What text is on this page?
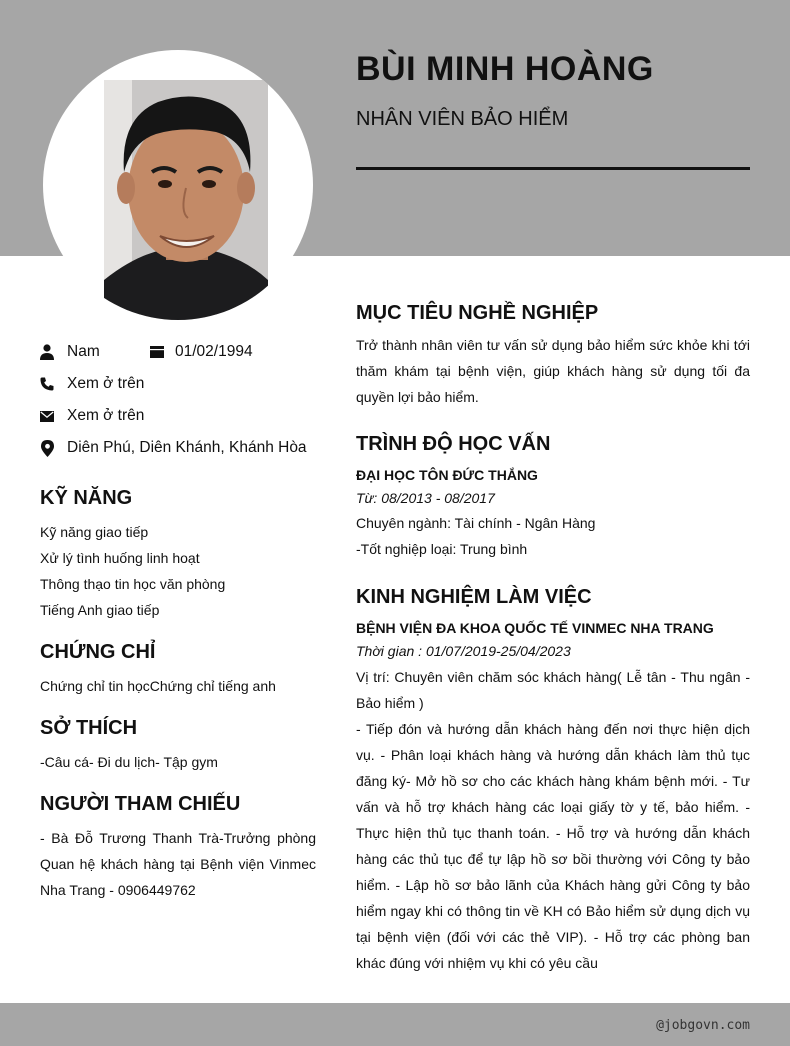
BÙI MINH HOÀNG
NHÂN VIÊN BẢO HIỂM
Nam	01/02/1994
Xem ở trên
Xem ở trên
Diên Phú, Diên Khánh, Khánh Hòa
KỸ NĂNG
Kỹ năng giao tiếp
Xử lý tình huống linh hoạt
Thông thạo tin học văn phòng
Tiếng Anh giao tiếp
CHỨNG CHỈ
Chứng chỉ tin họcChứng chỉ tiếng anh
SỞ THÍCH
-Câu cá- Đi du lịch- Tập gym
NGƯỜI THAM CHIẾU
- Bà Đỗ Trương Thanh Trà-Trưởng phòng Quan hệ khách hàng tại Bệnh viện Vinmec Nha Trang - 0906449762
MỤC TIÊU NGHỀ NGHIỆP
Trở thành nhân viên tư vấn sử dụng bảo hiểm sức khỏe khi tới thăm khám tại bệnh viện, giúp khách hàng sử dụng tối đa quyền lợi bảo hiểm.
TRÌNH ĐỘ HỌC VẤN
ĐẠI HỌC TÔN ĐỨC THẮNG
Từ: 08/2013 - 08/2017
Chuyên ngành: Tài chính - Ngân Hàng
-Tốt nghiệp loại: Trung bình
KINH NGHIỆM LÀM VIỆC
BỆNH VIỆN ĐA KHOA QUỐC TẾ VINMEC NHA TRANG
Thời gian : 01/07/2019-25/04/2023
Vị trí: Chuyên viên chăm sóc khách hàng( Lễ tân - Thu ngân - Bảo hiểm )
- Tiếp đón và hướng dẫn khách hàng đến nơi thực hiện dịch vụ. - Phân loại khách hàng và hướng dẫn khách làm thủ tục đăng ký- Mở hồ sơ cho các khách hàng khám bệnh mới. - Tư vấn và hỗ trợ khách hàng các loại giấy tờ y tế, bảo hiểm. - Thực hiện thủ tục thanh toán. - Hỗ trợ và hướng dẫn khách hàng các thủ tục để tự lập hồ sơ bồi thường với Công ty bảo hiểm. - Lập hồ sơ bảo lãnh của Khách hàng gửi Công ty bảo hiểm ngay khi có thông tin về KH có Bảo hiểm sử dụng dịch vụ tại bệnh viện (đối với các thẻ VIP). - Hỗ trợ các phòng ban khác đúng với nhiệm vụ khi có yêu cầu
@jobgovn.com
